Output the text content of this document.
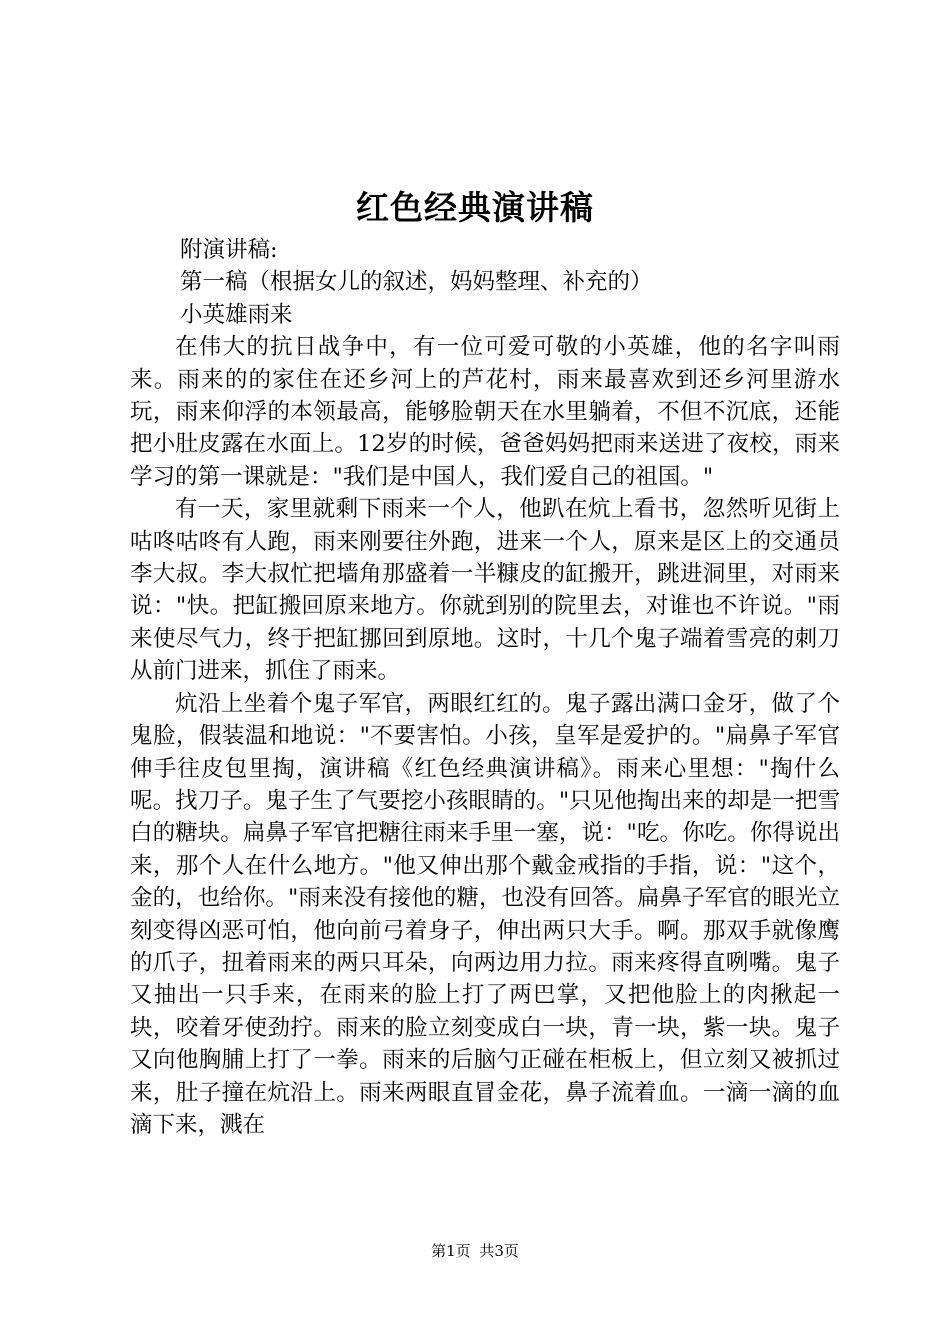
红色经典演讲稿

附演讲稿:

第一稿（根据女儿的叙述，妈妈整理、补充的）

小英雄雨来

在伟大的抗日战争中，有一位可爱可敬的小英雄，他的名字叫雨来。雨来的的家住在还乡河上的芦花村，雨来最喜欢到还乡河里游水玩，雨来仰浮的本领最高，能够脸朝天在水里躺着，不但不沉底，还能把小肚皮露在水面上。12岁的时候，爸爸妈妈把雨来送进了夜校，雨来学习的第一课就是："我们是中国人，我们爱自己的祖国。"

有一天，家里就剩下雨来一个人，他趴在炕上看书，忽然听见街上咕咚咕咚有人跑，雨来刚要往外跑，进来一个人，原来是区上的交通员李大叔。李大叔忙把墙角那盛着一半糠皮的缸搬开，跳进洞里，对雨来说："快。把缸搬回原来地方。你就到别的院里去，对谁也不许说。"雨来使尽气力，终于把缸挪回到原地。这时，十几个鬼子端着雪亮的刺刀从前门进来，抓住了雨来。

炕沿上坐着个鬼子军官，两眼红红的。鬼子露出满口金牙，做了个鬼脸，假装温和地说："不要害怕。小孩，皇军是爱护的。"扁鼻子军官伸手往皮包里掏，演讲稿《红色经典演讲稿》。雨来心里想："掏什么呢。找刀子。鬼子生了气要挖小孩眼睛的。"只见他掏出来的却是一把雪白的糖块。扁鼻子军官把糖往雨来手里一塞，说："吃。你吃。你得说出来，那个人在什么地方。"他又伸出那个戴金戒指的手指，说："这个，金的，也给你。"雨来没有接他的糖，也没有回答。扁鼻子军官的眼光立刻变得凶恶可怕，他向前弓着身子，伸出两只大手。啊。那双手就像鹰的爪子，扭着雨来的两只耳朵，向两边用力拉。雨来疼得直咧嘴。鬼子又抽出一只手来，在雨来的脸上打了两巴掌，又把他脸上的肉揪起一块，咬着牙使劲拧。雨来的脸立刻变成白一块，青一块，紫一块。鬼子又向他胸脯上打了一拳。雨来的后脑勺正碰在柜板上，但立刻又被抓过来，肚子撞在炕沿上。雨来两眼直冒金花，鼻子流着血。一滴一滴的血滴下来，溅在

第1页 共3页
